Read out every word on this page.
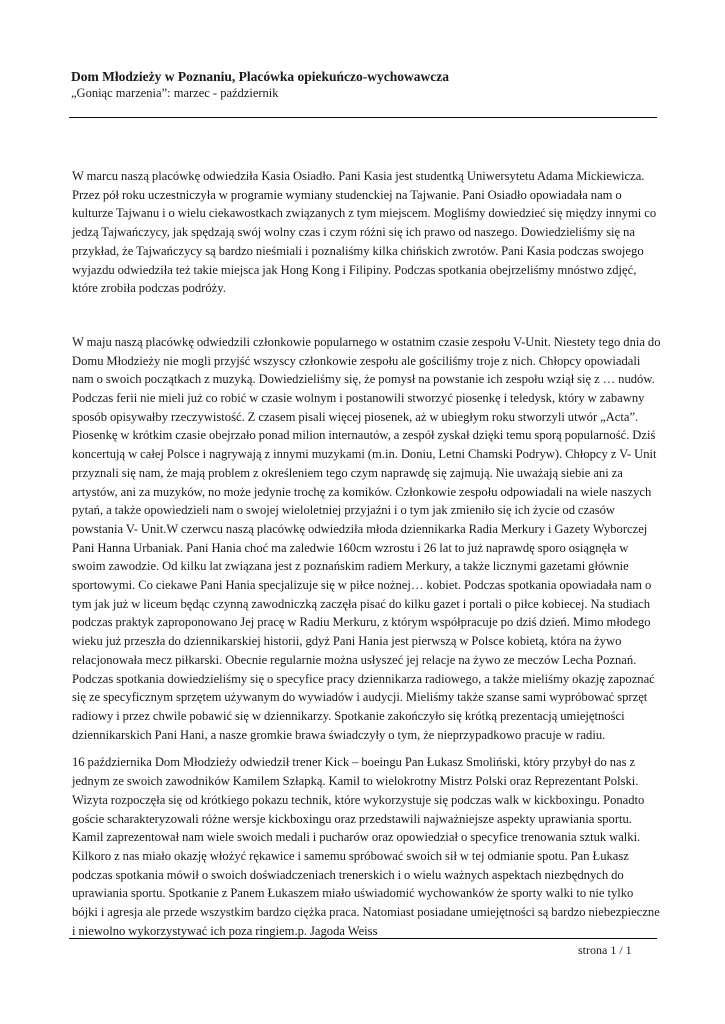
Dom Młodzieży w Poznaniu, Placówka opiekuńczo-wychowawcza

„Goniąc marzenia”: marzec - październik

W marcu naszą placówkę odwiedziła Kasia Osiadło. Pani Kasia jest studentką Uniwersytetu Adama Mickiewicza. Przez pół roku uczestniczyła w programie wymiany studenckiej na Tajwanie. Pani Osiadło opowiadała nam o kulturze Tajwanu i o wielu ciekawostkach związanych z tym miejscem. Mogliśmy dowiedzieć się między innymi co jedzą Tajwańczycy, jak spędzają swój wolny czas i czym różni się ich prawo od naszego. Dowiedzieliśmy się na przykład, że Tajwańczycy są bardzo nieśmiali i poznaliśmy kilka chińskich zwrotów. Pani Kasia podczas swojego wyjazdu odwiedziła też takie miejsca jak Hong Kong i Filipiny. Podczas spotkania obejrzeliśmy mnóstwo zdjęć, które zrobiła podczas podróży.

W maju naszą placówkę odwiedzili członkowie popularnego w ostatnim czasie zespołu V-Unit. Niestety tego dnia do Domu Młodzieży nie mogli przyjść wszyscy członkowie zespołu ale gościliśmy troje z nich. Chłopcy opowiadali nam o swoich początkach z muzyką. Dowiedzieliśmy się, że pomysł na powstanie ich zespołu wziął się z … nudów. Podczas ferii nie mieli już co robić w czasie wolnym i postanowili stworzyć piosenkę i teledysk, który w zabawny sposób opisywałby rzeczywistość. Z czasem pisali więcej piosenek, aż w ubiegłym roku stworzyli utwór „Acta”. Piosenkę w krótkim czasie obejrzało ponad milion internautów, a zespół zyskał dzięki temu sporą popularność. Dziś koncertują w całej Polsce i nagrywają z innymi muzykami (m.in. Doniu, Letni Chamski Podryw). Chłopcy z V- Unit przyznali się nam, że mają problem z określeniem tego czym naprawdę się zajmują. Nie uważają siebie ani za artystów, ani za muzyków, no może jedynie trochę za komików. Członkowie zespołu odpowiadali na wiele naszych pytań, a także opowiedzieli nam o swojej wieloletniej przyjaźni i o tym jak zmieniło się ich życie od czasów powstania V- Unit.W czerwcu naszą placówkę odwiedziła młoda dziennikarka Radia Merkury i Gazety Wyborczej Pani Hanna Urbaniak. Pani Hania choć ma zaledwie 160cm wzrostu i 26 lat to już naprawdę sporo osiągnęła w swoim zawodzie. Od kilku lat związana jest z poznańskim radiem Merkury, a także licznymi gazetami głównie sportowymi. Co ciekawe Pani Hania specjalizuje się w piłce nożnej… kobiet. Podczas spotkania opowiadała nam o tym jak już w liceum będąc czynną zawodniczką zaczęła pisać do kilku gazet i portali o piłce kobiecej. Na studiach podczas praktyk zaproponowano Jej pracę w Radiu Merkuru, z którym współpracuje po dziś dzień. Mimo młodego wieku już przeszła do dziennikarskiej historii, gdyż Pani Hania jest pierwszą w Polsce kobietą, która na żywo relacjonowała mecz piłkarski. Obecnie regularnie można usłyszeć jej relacje na żywo ze meczów Lecha Poznań. Podczas spotkania dowiedzieliśmy się o specyfice pracy dziennikarza radiowego, a także mieliśmy okazję zapoznać się ze specyficznym sprzętem używanym do wywiadów i audycji. Mieliśmy także szanse sami wypróbować sprzęt radiowy i przez chwile pobawić się w dziennikarzy. Spotkanie zakończyło się krótką prezentacją umiejętności dziennikarskich Pani Hani, a nasze gromkie brawa świadczyły o tym, że nieprzypadkowo pracuje w radiu.

16 października Dom Młodzieży odwiedził trener Kick – boeingu Pan Łukasz Smoliński, który przybył do nas z jednym ze swoich zawodników Kamilem Szłapką. Kamil to wielokrotny Mistrz Polski oraz Reprezentant Polski. Wizyta rozpoczęła się od krótkiego pokazu technik, które wykorzystuje się podczas walk w kickboxingu. Ponadto goście scharakteryzowali różne wersje kickboxingu oraz przedstawili najważniejsze aspekty uprawiania sportu. Kamil zaprezentował nam wiele swoich medali i pucharów oraz opowiedział o specyfice trenowania sztuk walki. Kilkoro z nas miało okazję włożyć rękawice i samemu spróbować swoich sił w tej odmianie spotu. Pan Łukasz podczas spotkania mówił o swoich doświadczeniach trenerskich i o wielu ważnych aspektach niezbędnych do uprawiania sportu. Spotkanie z Panem Łukaszem miało uświadomić wychowanków że sporty walki to nie tylko bójki i agresja ale przede wszystkim bardzo ciężka praca. Natomiast posiadane umiejętności są bardzo niebezpieczne i niewolno wykorzystywać ich poza ringiem.p. Jagoda Weiss

strona 1 / 1
